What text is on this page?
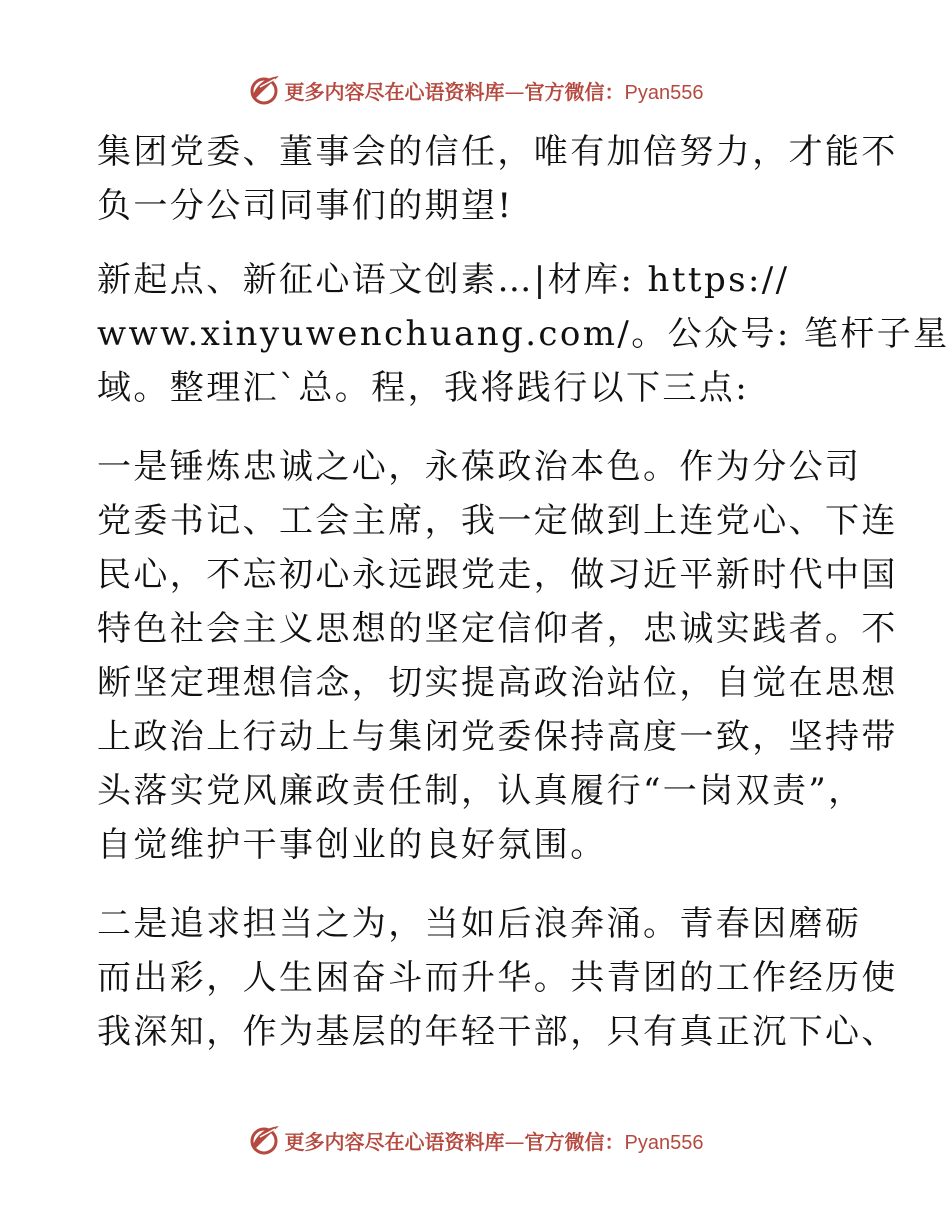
更多内容尽在心语资料库—官方微信：Pyan556
集团党委、董事会的信任，唯有加倍努力，才能不
负一分公司同事们的期望!
新起点、新征心语文创素…|材库: https://
www.xinyuwenchuang.com/。公众号: 笔杆子星
域。整理汇`总。程，我将践行以下三点:
一是锤炼忠诚之心，永葆政治本色。作为分公司
党委书记、工会主席，我一定做到上连党心、下连
民心，不忘初心永远跟党走，做习近平新时代中国
特色社会主义思想的坚定信仰者，忠诚实践者。不
断坚定理想信念，切实提高政治站位，自觉在思想
上政治上行动上与集闭党委保持高度一致，坚持带
头落实党风廉政责任制，认真履行“一岗双责”，
自觉维护干事创业的良好氛围。
二是追求担当之为，当如后浪奔涌。青春因磨砺
而出彩，人生困奋斗而升华。共青团的工作经历使
我深知，作为基层的年轻干部，只有真正沉下心、
更多内容尽在心语资料库—官方微信：Pyan556
